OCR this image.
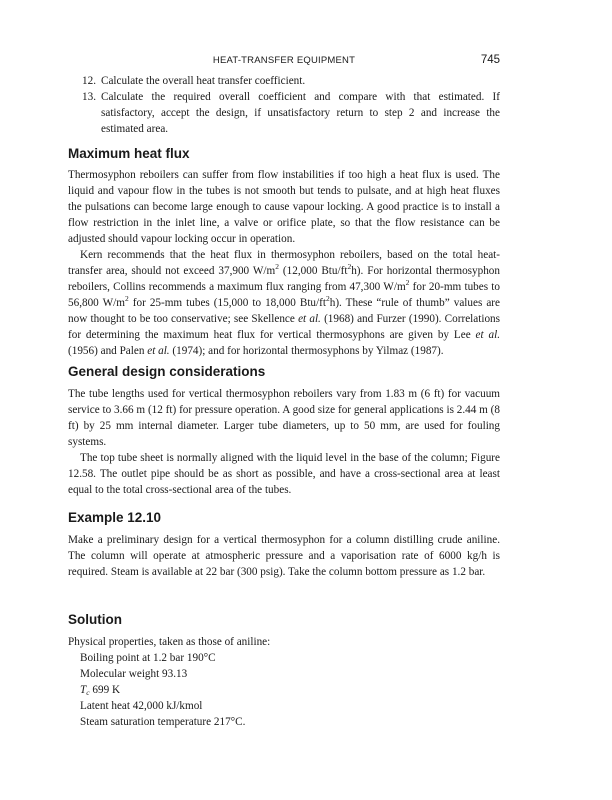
HEAT-TRANSFER EQUIPMENT	745
12. Calculate the overall heat transfer coefficient.
13. Calculate the required overall coefficient and compare with that estimated. If satisfactory, accept the design, if unsatisfactory return to step 2 and increase the estimated area.
Maximum heat flux
Thermosyphon reboilers can suffer from flow instabilities if too high a heat flux is used. The liquid and vapour flow in the tubes is not smooth but tends to pulsate, and at high heat fluxes the pulsations can become large enough to cause vapour locking. A good practice is to install a flow restriction in the inlet line, a valve or orifice plate, so that the flow resistance can be adjusted should vapour locking occur in operation.
Kern recommends that the heat flux in thermosyphon reboilers, based on the total heat-transfer area, should not exceed 37,900 $W/m^2$ (12,000 Btu/$ft^2h$). For horizontal thermosyphon reboilers, Collins recommends a maximum flux ranging from 47,300 $W/m^2$ for 20-mm tubes to 56,800 $W/m^2$ for 25-mm tubes (15,000 to 18,000 Btu/$ft^2h$). These “rule of thumb” values are now thought to be too conservative; see Skellence et al. (1968) and Furzer (1990). Correlations for determining the maximum heat flux for vertical thermosyphons are given by Lee et al. (1956) and Palen et al. (1974); and for horizontal thermosyphons by Yilmaz (1987).
General design considerations
The tube lengths used for vertical thermosyphon reboilers vary from 1.83 m (6 ft) for vacuum service to 3.66 m (12 ft) for pressure operation. A good size for general applications is 2.44 m (8 ft) by 25 mm internal diameter. Larger tube diameters, up to 50 mm, are used for fouling systems.
The top tube sheet is normally aligned with the liquid level in the base of the column; Figure 12.58. The outlet pipe should be as short as possible, and have a cross-sectional area at least equal to the total cross-sectional area of the tubes.
Example 12.10
Make a preliminary design for a vertical thermosyphon for a column distilling crude aniline. The column will operate at atmospheric pressure and a vaporisation rate of 6000 kg/h is required. Steam is available at 22 bar (300 psig). Take the column bottom pressure as 1.2 bar.
Solution
Physical properties, taken as those of aniline:
Boiling point at 1.2 bar 190°C
Molecular weight 93.13
$T_c$ 699 K
Latent heat 42,000 kJ/kmol
Steam saturation temperature 217°C.
